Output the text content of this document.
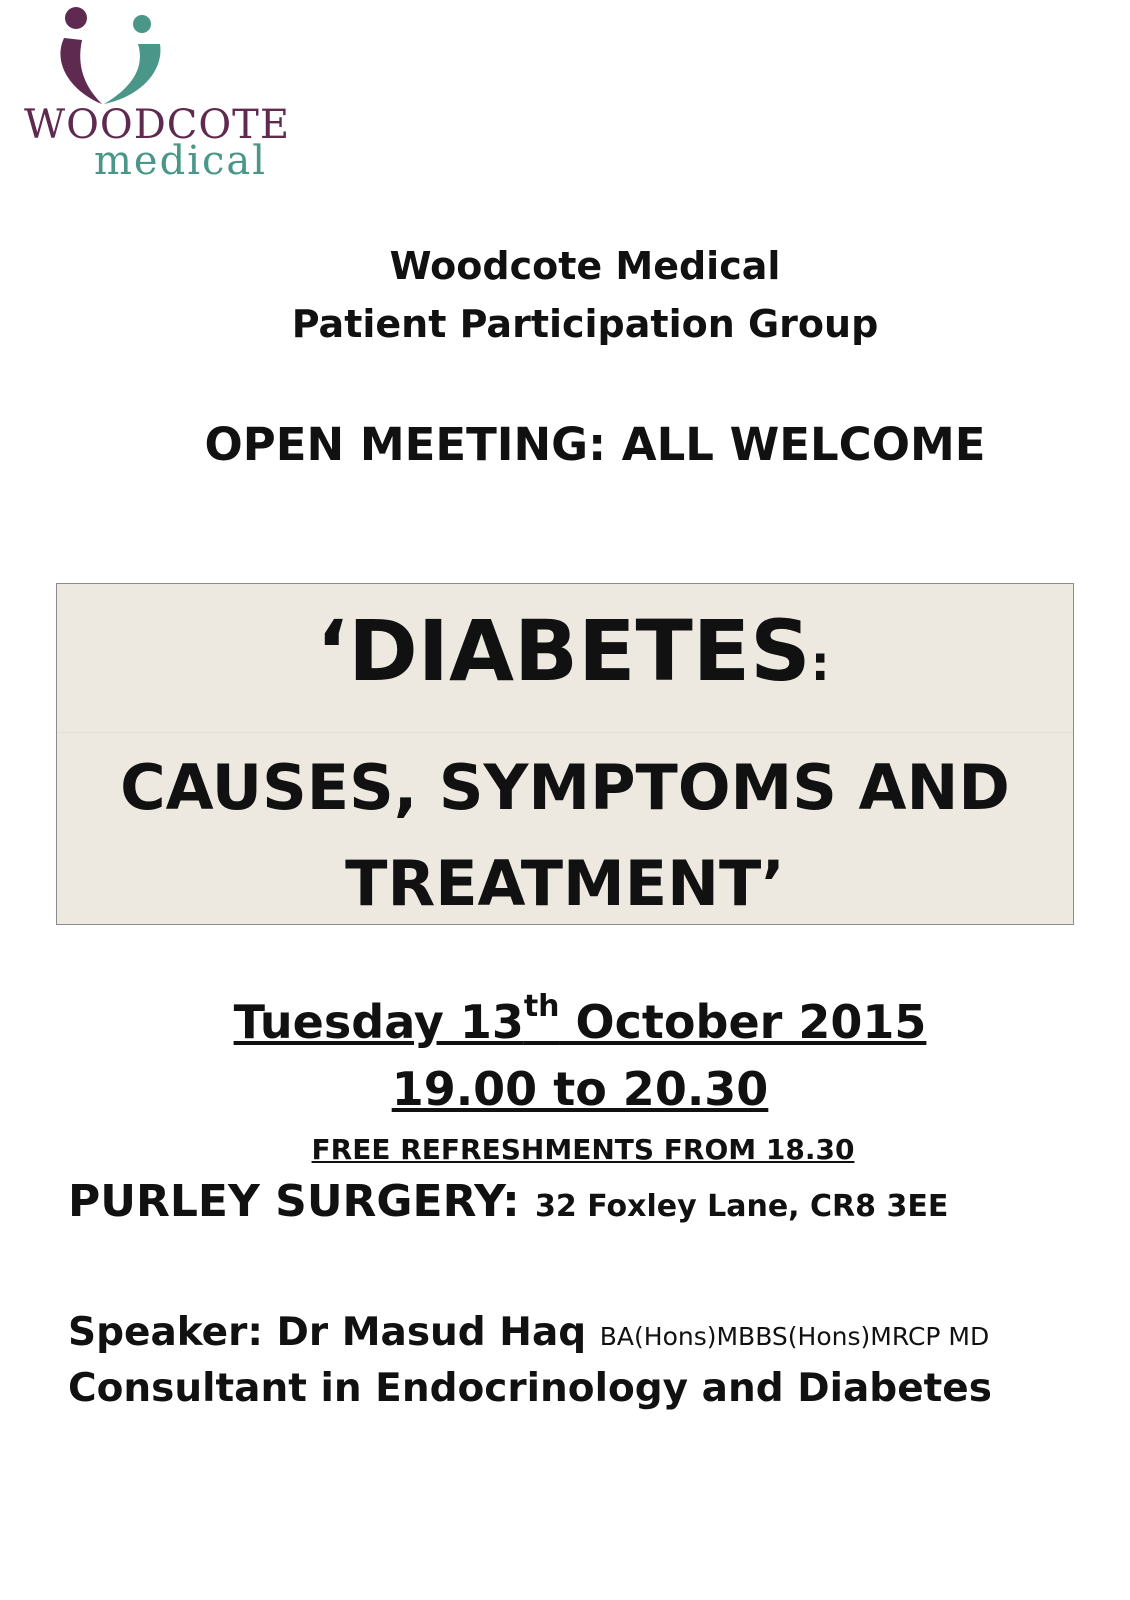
WOODCOTE
medical
Woodcote Medical
Patient Participation Group
OPEN MEETING: ALL WELCOME
‘DIABETES:
CAUSES, SYMPTOMS AND
TREATMENT’
Tuesday 13th October 2015
19.00 to 20.30
FREE REFRESHMENTS FROM 18.30
PURLEY SURGERY: 32 Foxley Lane, CR8 3EE
Speaker: Dr Masud Haq BA(Hons)MBBS(Hons)MRCP MD
Consultant in Endocrinology and Diabetes
